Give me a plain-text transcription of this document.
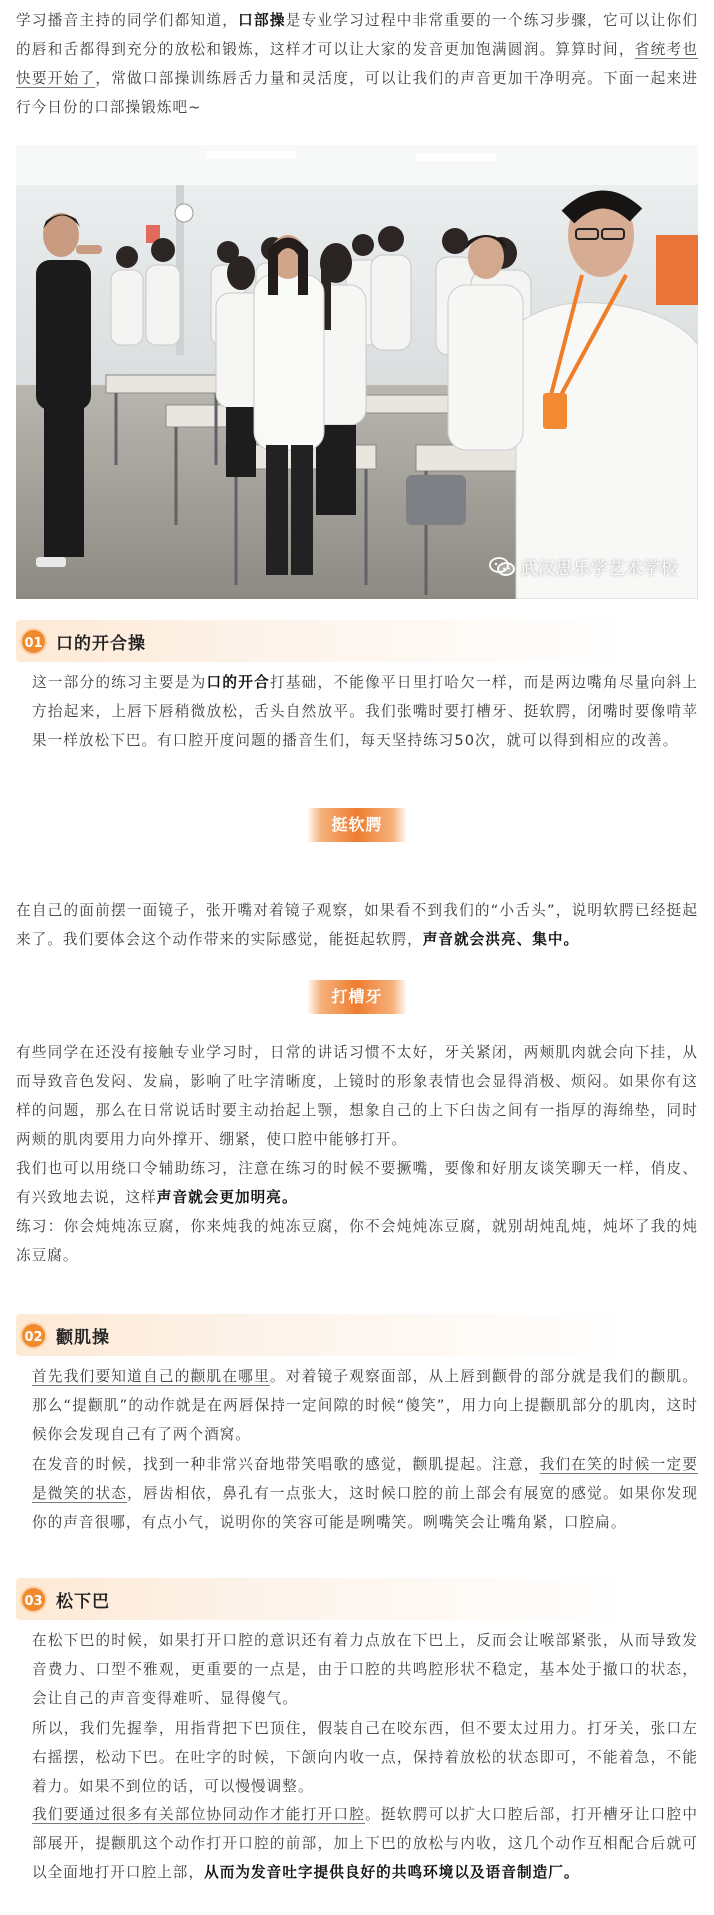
学习播音主持的同学们都知道，口部操是专业学习过程中非常重要的一个练习步骤，它可以让你们的唇和舌都得到充分的放松和锻炼，这样才可以让大家的发音更加饱满圆润。算算时间，省统考也快要开始了，常做口部操训练唇舌力量和灵活度，可以让我们的声音更加干净明亮。下面一起来进行今日份的口部操锻炼吧~

武汉思乐学艺术学校
01 口的开合操

这一部分的练习主要是为口的开合打基础，不能像平日里打哈欠一样，而是两边嘴角尽量向斜上方抬起来，上唇下唇稍微放松，舌头自然放平。我们张嘴时要打槽牙、挺软腭，闭嘴时要像啃苹果一样放松下巴。有口腔开度问题的播音生们，每天坚持练习50次，就可以得到相应的改善。

挺软腭

在自己的面前摆一面镜子，张开嘴对着镜子观察，如果看不到我们的“小舌头”，说明软腭已经挺起来了。我们要体会这个动作带来的实际感觉，能挺起软腭，声音就会洪亮、集中。

打槽牙

有些同学在还没有接触专业学习时，日常的讲话习惯不太好，牙关紧闭，两颊肌肉就会向下挂，从而导致音色发闷、发扁，影响了吐字清晰度，上镜时的形象表情也会显得消极、烦闷。如果你有这样的问题，那么在日常说话时要主动抬起上颚，想象自己的上下臼齿之间有一指厚的海绵垫，同时两颊的肌肉要用力向外撑开、绷紧，使口腔中能够打开。

我们也可以用绕口令辅助练习，注意在练习的时候不要撅嘴，要像和好朋友谈笑聊天一样，俏皮、有兴致地去说，这样声音就会更加明亮。

练习：你会炖炖冻豆腐，你来炖我的炖冻豆腐，你不会炖炖冻豆腐，就别胡炖乱炖，炖坏了我的炖冻豆腐。

02 颧肌操

首先我们要知道自己的颧肌在哪里。对着镜子观察面部，从上唇到颧骨的部分就是我们的颧肌。那么“提颧肌”的动作就是在两唇保持一定间隙的时候“傻笑”，用力向上提颧肌部分的肌肉，这时候你会发现自己有了两个酒窝。

在发音的时候，找到一种非常兴奋地带笑唱歌的感觉，颧肌提起。注意，我们在笑的时候一定要是微笑的状态，唇齿相依，鼻孔有一点张大，这时候口腔的前上部会有展宽的感觉。如果你发现你的声音很哪，有点小气，说明你的笑容可能是咧嘴笑。咧嘴笑会让嘴角紧，口腔扁。

03 松下巴

在松下巴的时候，如果打开口腔的意识还有着力点放在下巴上，反而会让喉部紧张，从而导致发音费力、口型不雅观，更重要的一点是，由于口腔的共鸣腔形状不稳定，基本处于撤口的状态，会让自己的声音变得难听、显得傻气。

所以，我们先握拳，用指背把下巴顶住，假装自己在咬东西，但不要太过用力。打牙关，张口左右摇摆，松动下巴。在吐字的时候，下颌向内收一点，保持着放松的状态即可，不能着急，不能着力。如果不到位的话，可以慢慢调整。

我们要通过很多有关部位协同动作才能打开口腔。挺软腭可以扩大口腔后部，打开槽牙让口腔中部展开，提颧肌这个动作打开口腔的前部，加上下巴的放松与内收，这几个动作互相配合后就可以全面地打开口腔上部，从而为发音吐字提供良好的共鸣环境以及语音制造厂。
